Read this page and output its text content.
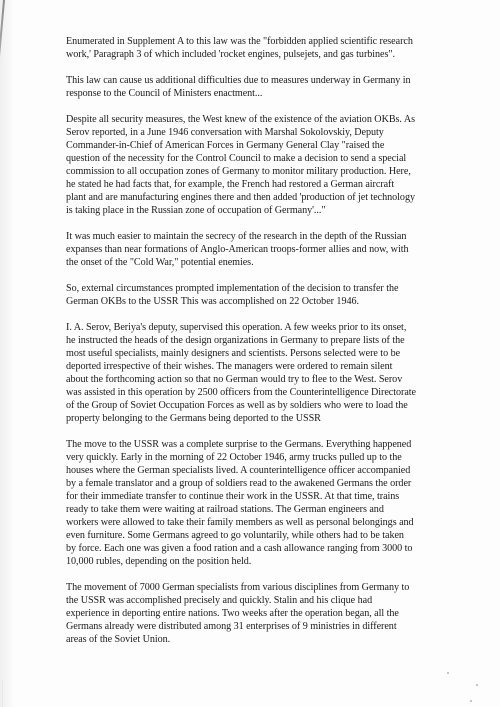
Enumerated in Supplement A to this law was the "forbidden applied scientific research
work,' Paragraph 3 of which included 'rocket engines, pulsejets, and gas turbines".
This law can cause us additional difficulties due to measures underway in Germany in
response to the Council of Ministers enactment...
Despite all security measures, the West knew of the existence of the aviation OKBs. As
Serov reported, in a June 1946 conversation with Marshal Sokolovskiy, Deputy
Commander-in-Chief of American Forces in Germany General Clay "raised the
question of the necessity for the Control Council to make a decision to send a special
commission to all occupation zones of Germany to monitor military production. Here,
he stated he had facts that, for example, the French had restored a German aircraft
plant and are manufacturing engines there and then added 'production of jet technology
is taking place in the Russian zone of occupation of Germany'..."
It was much easier to maintain the secrecy of the research in the depth of the Russian
expanses than near formations of Anglo-American troops-former allies and now, with
the onset of the "Cold War," potential enemies.
So, external circumstances prompted implementation of the decision to transfer the
German OKBs to the USSR This was accomplished on 22 October 1946.
I. A. Serov, Beriya's deputy, supervised this operation. A few weeks prior to its onset,
he instructed the heads of the design organizations in Germany to prepare lists of the
most useful specialists, mainly designers and scientists. Persons selected were to be
deported irrespective of their wishes. The managers were ordered to remain silent
about the forthcoming action so that no German would try to flee to the West. Serov
was assisted in this operation by 2500 officers from the Counterintelligence Directorate
of the Group of Soviet Occupation Forces as well as by soldiers who were to load the
property belonging to the Germans being deported to the USSR
The move to the USSR was a complete surprise to the Germans. Everything happened
very quickly. Early in the morning of 22 October 1946, army trucks pulled up to the
houses where the German specialists lived. A counterintelligence officer accompanied
by a female translator and a group of soldiers read to the awakened Germans the order
for their immediate transfer to continue their work in the USSR. At that time, trains
ready to take them were waiting at railroad stations. The German engineers and
workers were allowed to take their family members as well as personal belongings and
even furniture. Some Germans agreed to go voluntarily, while others had to be taken
by force. Each one was given a food ration and a cash allowance ranging from 3000 to
10,000 rubles, depending on the position held.
The movement of 7000 German specialists from various disciplines from Germany to
the USSR was accomplished precisely and quickly. Stalin and his clique had
experience in deporting entire nations. Two weeks after the operation began, all the
Germans already were distributed among 31 enterprises of 9 ministries in different
areas of the Soviet Union.
